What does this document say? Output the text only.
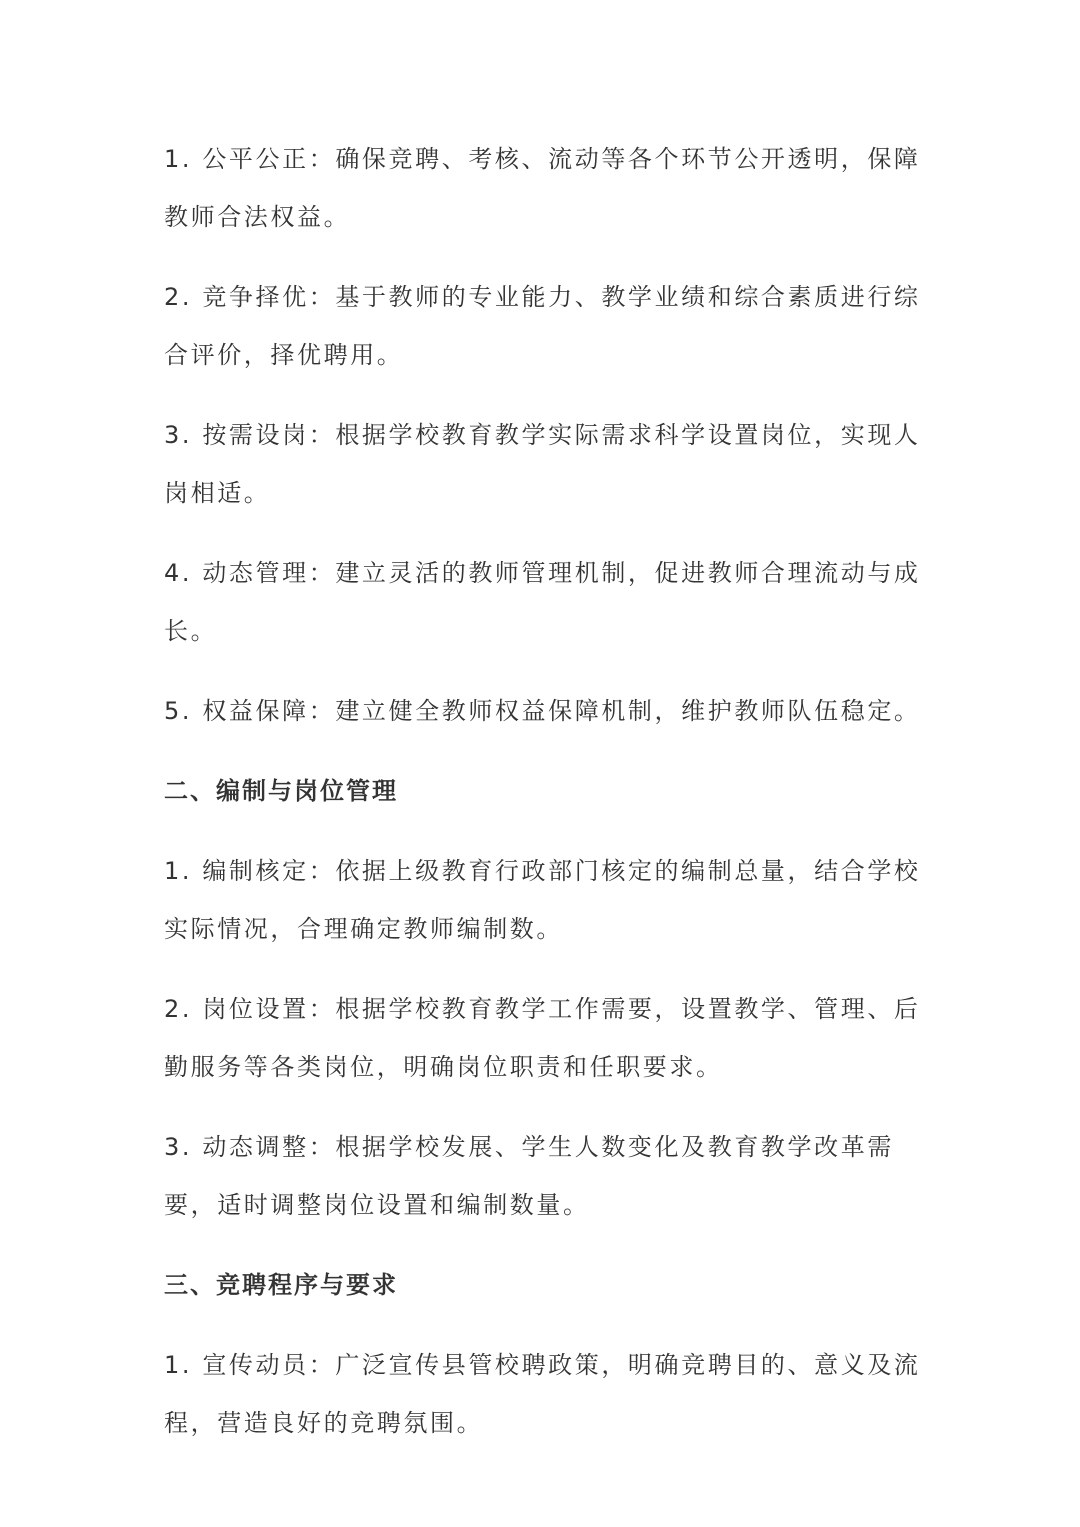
1. 公平公正：确保竞聘、考核、流动等各个环节公开透明，保障教师合法权益。

2. 竞争择优：基于教师的专业能力、教学业绩和综合素质进行综合评价，择优聘用。

3. 按需设岗：根据学校教育教学实际需求科学设置岗位，实现人岗相适。

4. 动态管理：建立灵活的教师管理机制，促进教师合理流动与成长。

5. 权益保障：建立健全教师权益保障机制，维护教师队伍稳定。

二、编制与岗位管理

1. 编制核定：依据上级教育行政部门核定的编制总量，结合学校实际情况，合理确定教师编制数。

2. 岗位设置：根据学校教育教学工作需要，设置教学、管理、后勤服务等各类岗位，明确岗位职责和任职要求。

3. 动态调整：根据学校发展、学生人数变化及教育教学改革需要，适时调整岗位设置和编制数量。

三、竞聘程序与要求

1. 宣传动员：广泛宣传县管校聘政策，明确竞聘目的、意义及流程，营造良好的竞聘氛围。
